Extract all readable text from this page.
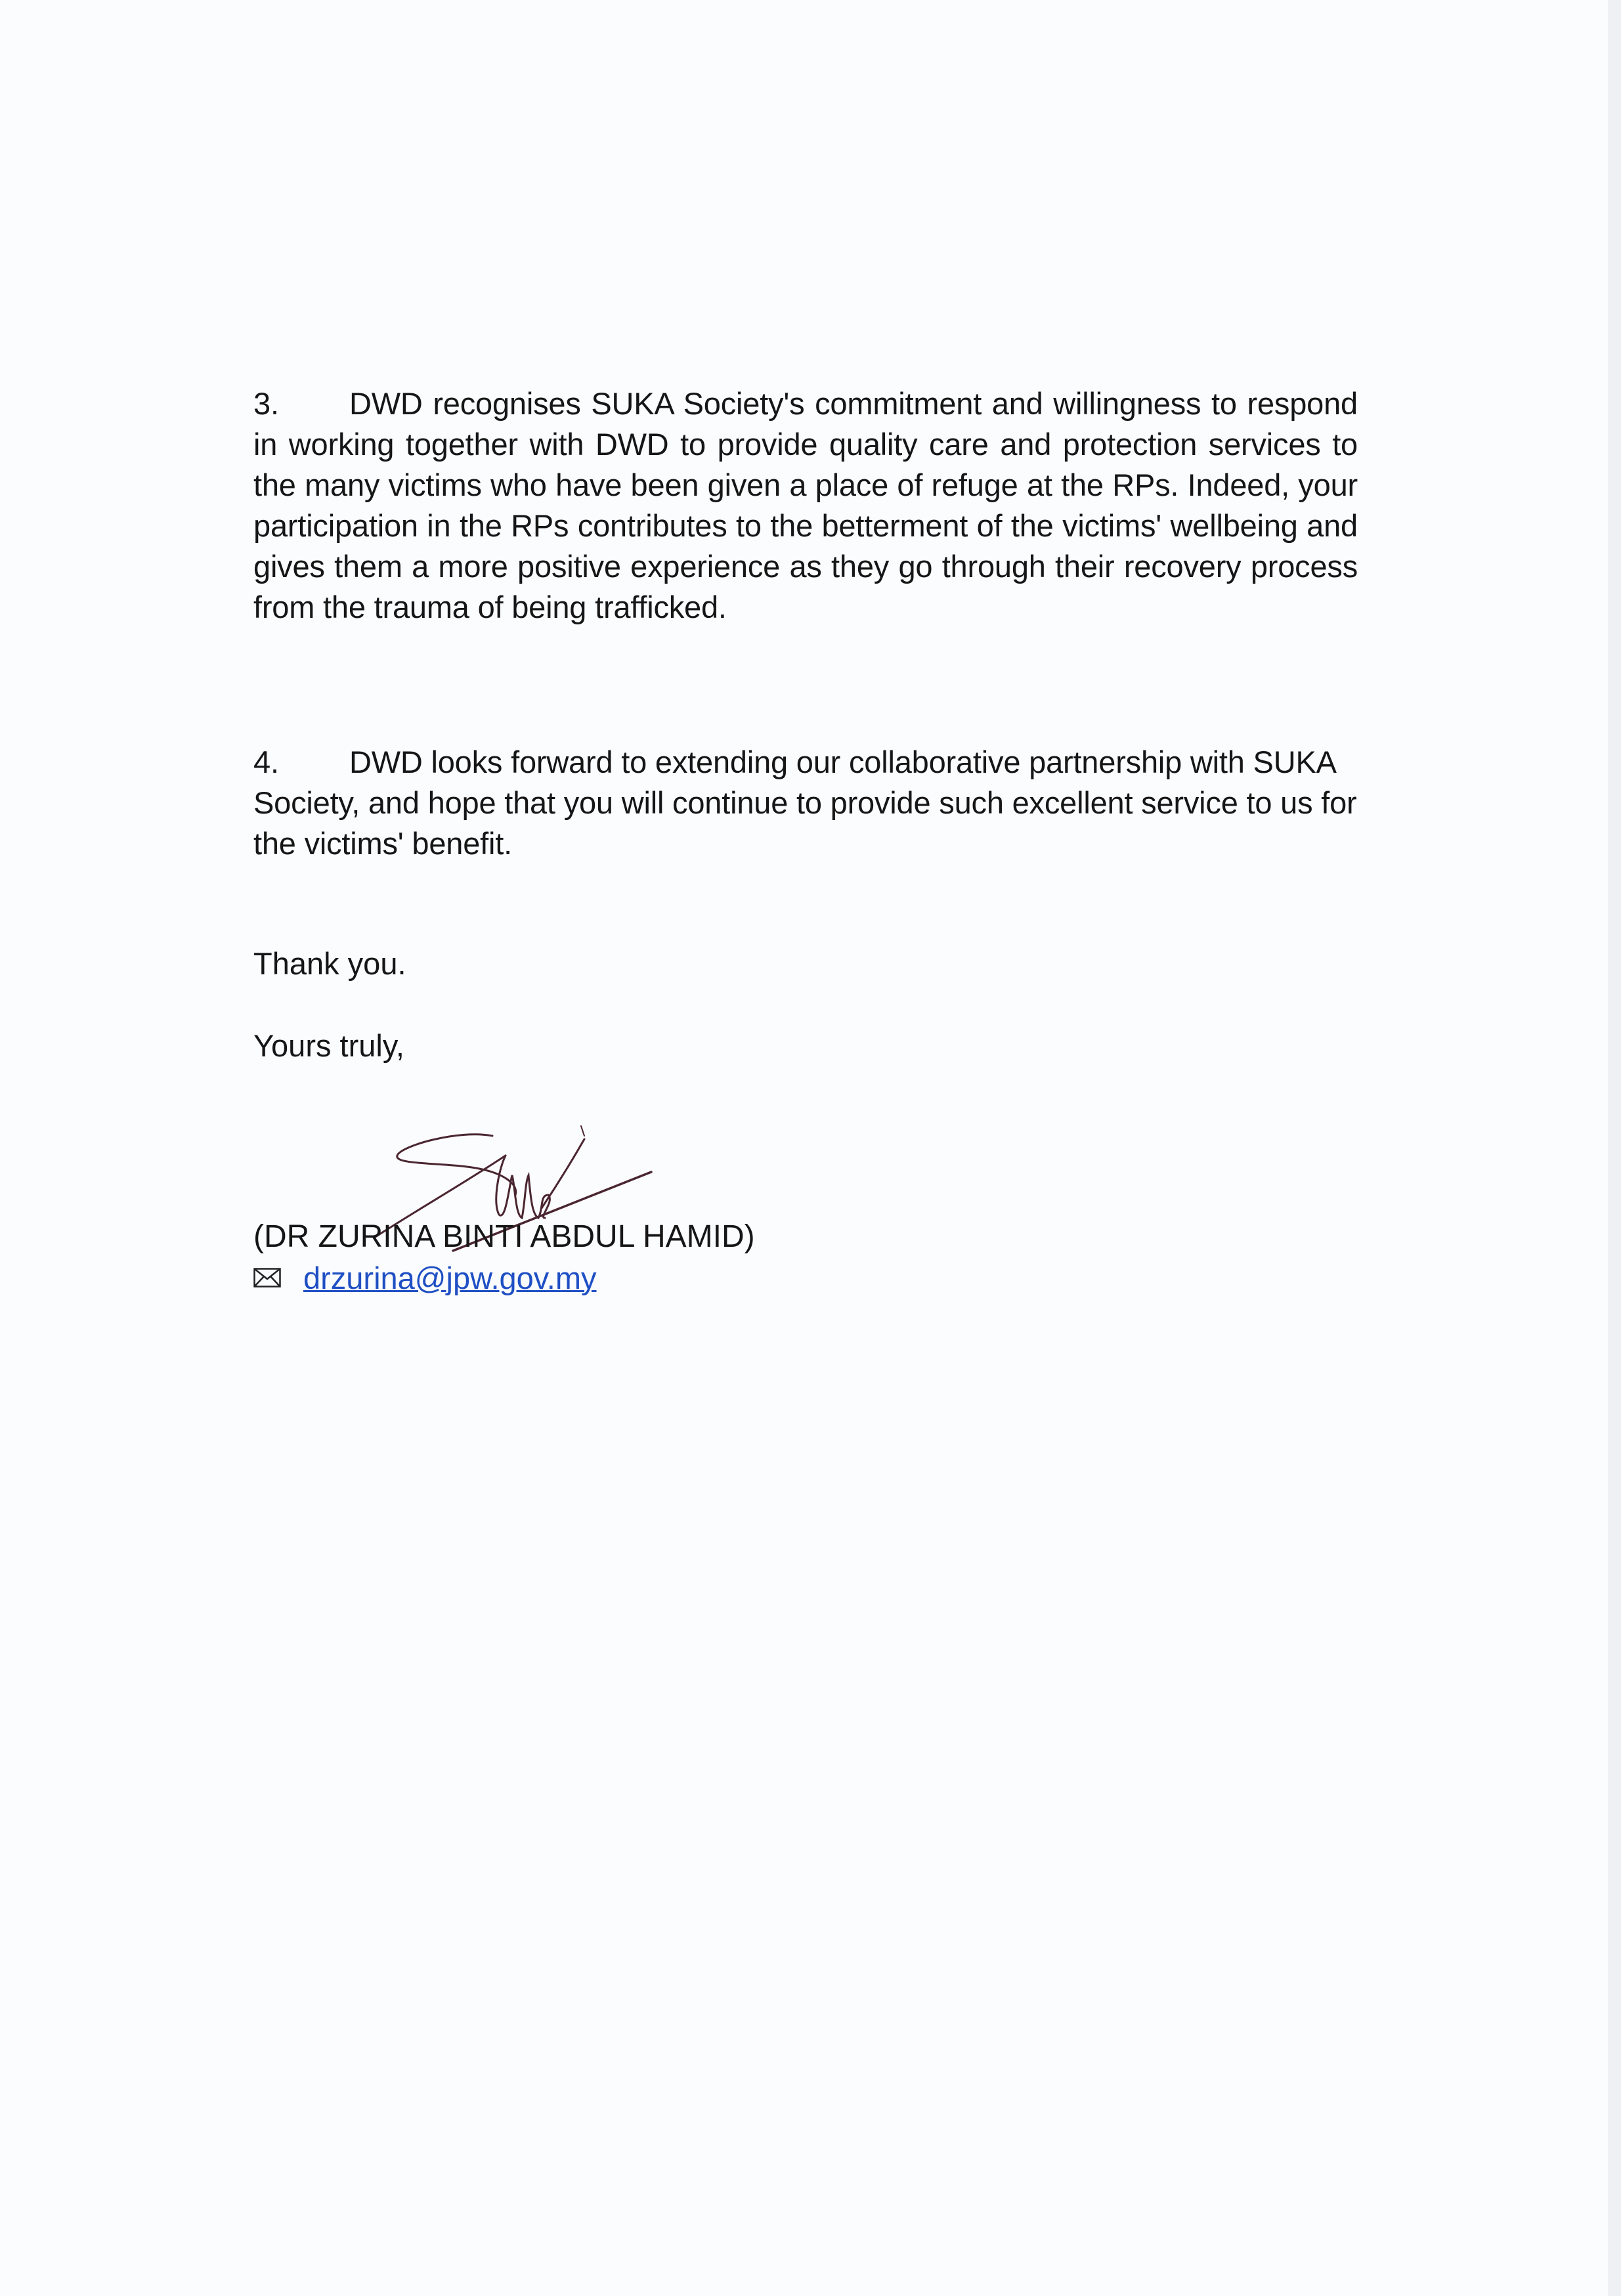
3. DWD recognises SUKA Society's commitment and willingness to respond in working together with DWD to provide quality care and protection services to the many victims who have been given a place of refuge at the RPs. Indeed, your participation in the RPs contributes to the betterment of the victims' wellbeing and gives them a more positive experience as they go through their recovery process from the trauma of being trafficked.
4. DWD looks forward to extending our collaborative partnership with SUKA Society, and hope that you will continue to provide such excellent service to us for the victims' benefit.
Thank you.
Yours truly,
(DR ZURINA BINTI ABDUL HAMID)
drzurina@jpw.gov.my
